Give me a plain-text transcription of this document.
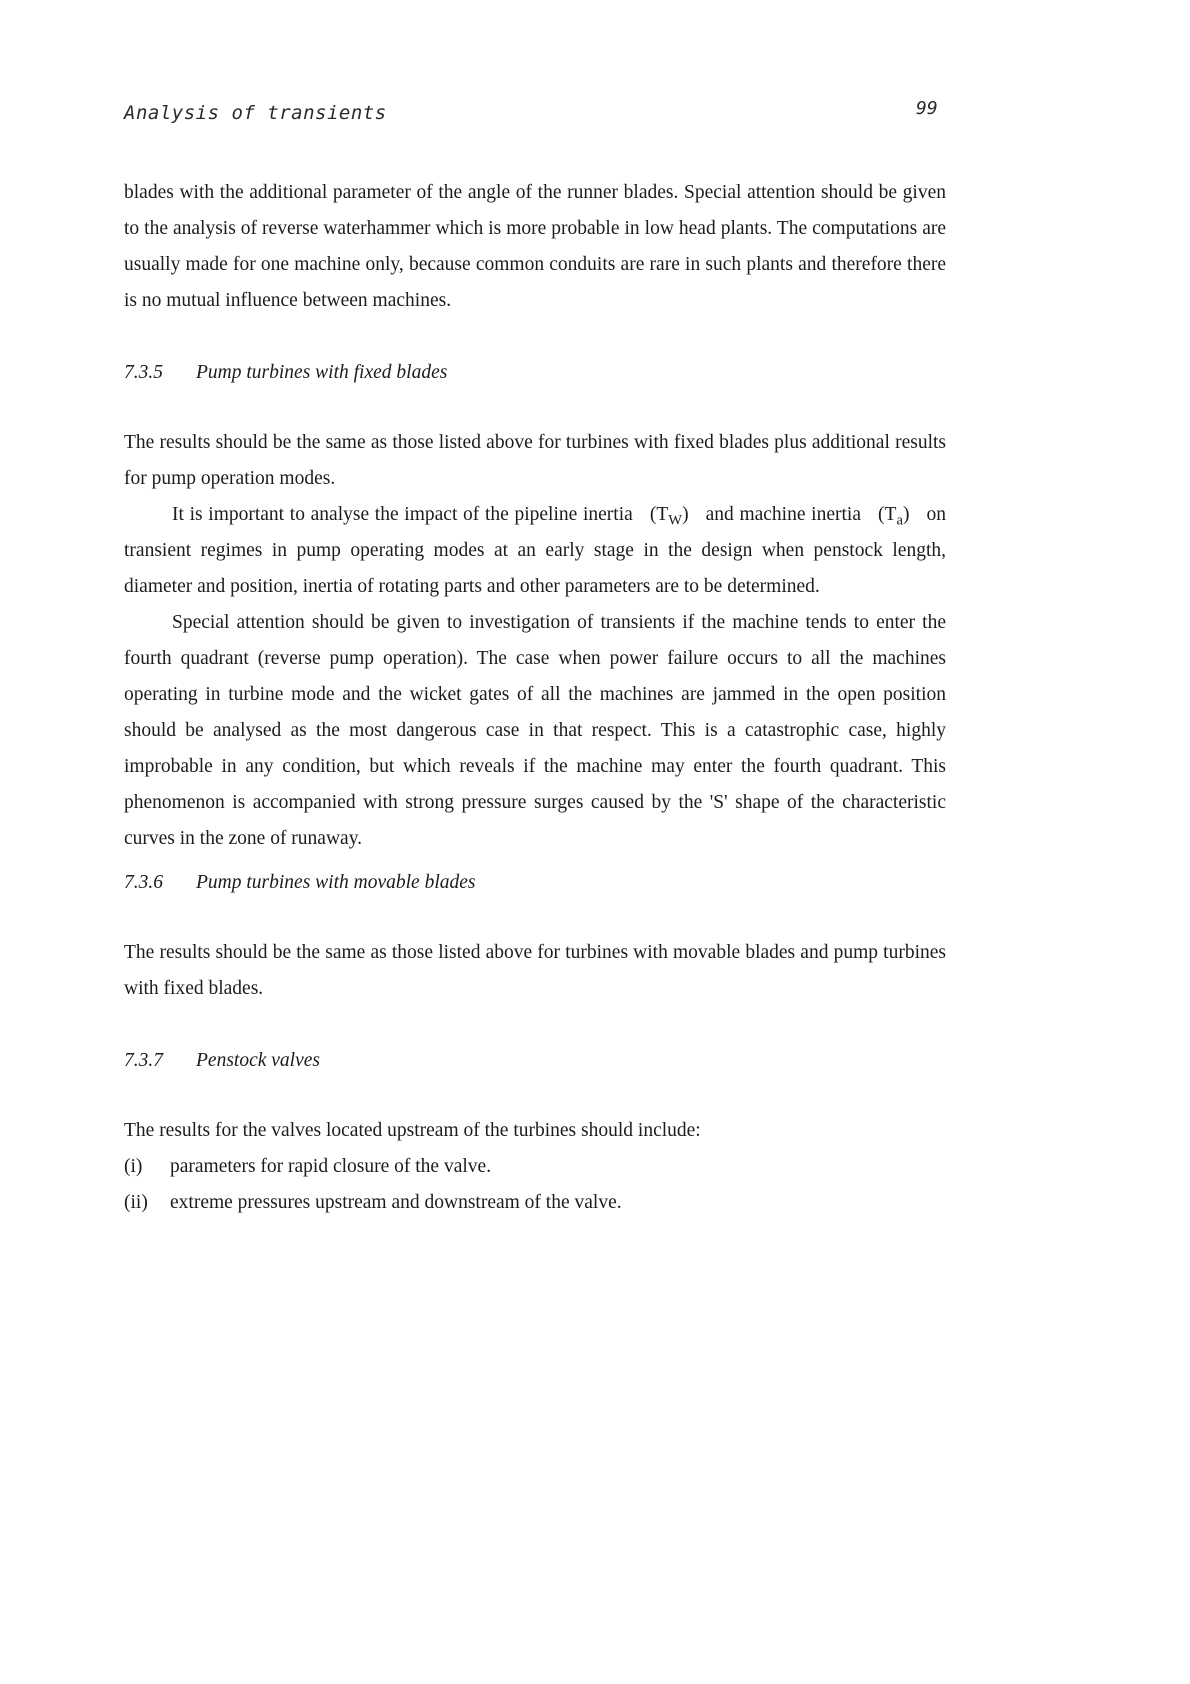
Analysis of transients	99

blades with the additional parameter of the angle of the runner blades. Special attention should be given to the analysis of reverse waterhammer which is more probable in low head plants. The computations are usually made for one machine only, because common conduits are rare in such plants and therefore there is no mutual influence between machines.

7.3.5 Pump turbines with fixed blades

The results should be the same as those listed above for turbines with fixed blades plus additional results for pump operation modes.

It is important to analyse the impact of the pipeline inertia   $(T_W)$   and machine inertia   $(T_a)$   on transient regimes in pump operating modes at an early stage in the design when penstock length, diameter and position, inertia of rotating parts and other parameters are to be determined.

Special attention should be given to investigation of transients if the machine tends to enter the fourth quadrant (reverse pump operation). The case when power failure occurs to all the machines operating in turbine mode and the wicket gates of all the machines are jammed in the open position should be analysed as the most dangerous case in that respect. This is a catastrophic case, highly improbable in any condition, but which reveals if the machine may enter the fourth quadrant. This phenomenon is accompanied with strong pressure surges caused by the 'S' shape of the characteristic curves in the zone of runaway.

7.3.6 Pump turbines with movable blades

The results should be the same as those listed above for turbines with movable blades and pump turbines with fixed blades.

7.3.7 Penstock valves

The results for the valves located upstream of the turbines should include:

(i)	parameters for rapid closure of the valve.
(ii)	extreme pressures upstream and downstream of the valve.
